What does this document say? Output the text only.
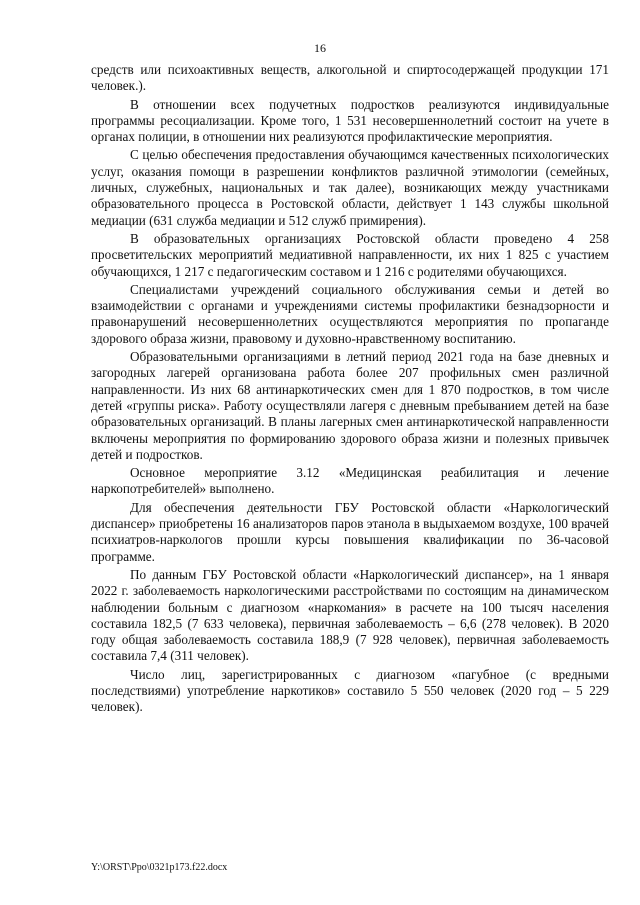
16

средств или психоактивных веществ, алкогольной и спиртосодержащей продукции 171 человек.).

В отношении всех подучетных подростков реализуются индивидуальные программы ресоциализации. Кроме того, 1 531 несовершеннолетний состоит на учете в органах полиции, в отношении них реализуются профилактические мероприятия.

С целью обеспечения предоставления обучающимся качественных психологических услуг, оказания помощи в разрешении конфликтов различной этимологии (семейных, личных, служебных, национальных и так далее), возникающих между участниками образовательного процесса в Ростовской области, действует 1 143 службы школьной медиации (631 служба медиации и 512 служб примирения).

В образовательных организациях Ростовской области проведено 4 258 просветительских мероприятий медиативной направленности, их них 1 825 с участием обучающихся, 1 217 с педагогическим составом и 1 216 с родителями обучающихся.

Специалистами учреждений социального обслуживания семьи и детей во взаимодействии с органами и учреждениями системы профилактики безнадзорности и правонарушений несовершеннолетних осуществляются мероприятия по пропаганде здорового образа жизни, правовому и духовно-нравственному воспитанию.

Образовательными организациями в летний период 2021 года на базе дневных и загородных лагерей организована работа более 207 профильных смен различной направленности. Из них 68 антинаркотических смен для 1 870 подростков, в том числе детей «группы риска». Работу осуществляли лагеря с дневным пребыванием детей на базе образовательных организаций. В планы лагерных смен антинаркотической направленности включены мероприятия по формированию здорового образа жизни и полезных привычек детей и подростков.

Основное мероприятие 3.12 «Медицинская реабилитация и лечение наркопотребителей» выполнено.

Для обеспечения деятельности ГБУ Ростовской области «Наркологический диспансер» приобретены 16 анализаторов паров этанола в выдыхаемом воздухе, 100 врачей психиатров-наркологов прошли курсы повышения квалификации по 36-часовой программе.

По данным ГБУ Ростовской области «Наркологический диспансер», на 1 января 2022 г. заболеваемость наркологическими расстройствами по состоящим на динамическом наблюдении больным с диагнозом «наркомания» в расчете на 100 тысяч населения составила 182,5 (7 633 человека), первичная заболеваемость – 6,6 (278 человек). В 2020 году общая заболеваемость составила 188,9 (7 928 человек), первичная заболеваемость составила 7,4 (311 человек).

Число лиц, зарегистрированных с диагнозом «пагубное (с вредными последствиями) употребление наркотиков» составило 5 550 человек (2020 год – 5 229 человек).

Y:\ORST\Ppo\0321p173.f22.docx
